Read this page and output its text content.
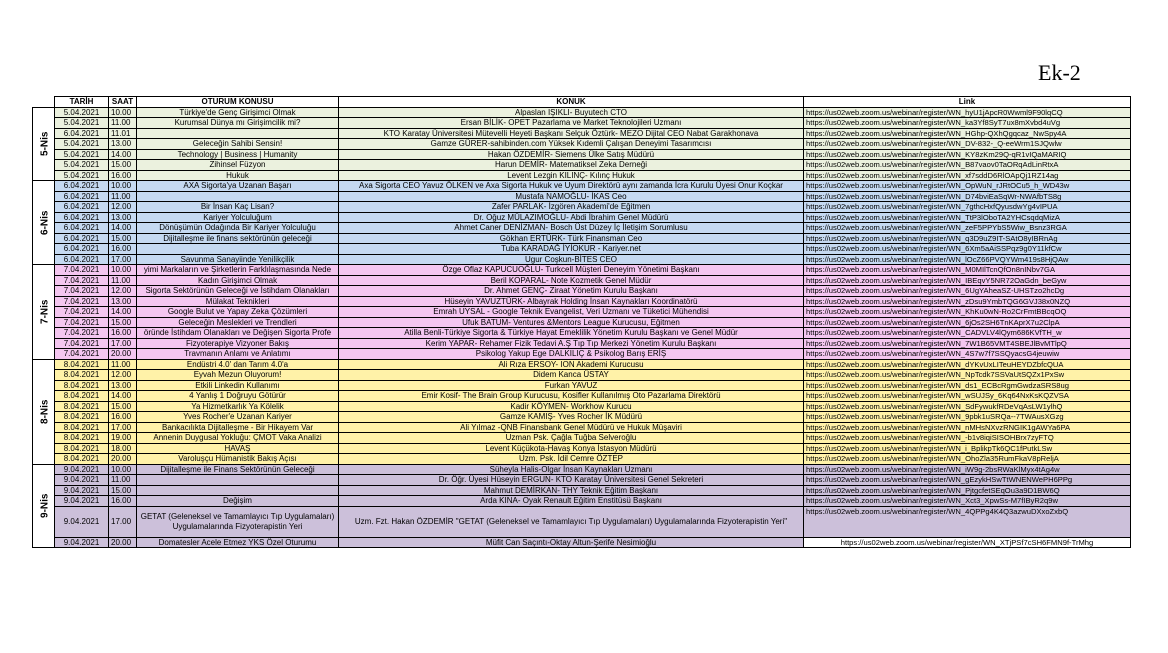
Ek-2
	TARİH	SAAT	OTURUM KONUSU	KONUK	Link
5-Nis	5.04.2021	10.00	Türkiye'de Genç Girişimci Olmak	Alpaslan IŞIKLI- Buyutech CTO	https://us02web.zoom.us/webinar/register/WN_hyU1jApcR0Wwml9F90lqCQ
	5.04.2021	11.00	Kurumsal Dünya mı Girişimcilik mi?	Ersan BİLİK- OPET Pazarlama ve Market Teknolojileri Uzmanı	https://us02web.zoom.us/webinar/register/WN_ka3Yf8SyT7ux8mXvbd4uVg
	6.04.2021	11.01		KTO Karatay Üniversitesi Mütevelli Heyeti Başkanı Selçuk Öztürk- MEZO Dijital CEO Nabat Garakhonava	https://us02web.zoom.us/webinar/register/WN_HGhp-QXhQgqcaz_NwSpy4A
	5.04.2021	13.00	Geleceğin Sahibi Sensin!	Gamze GÜRER-sahibinden.com Yüksek Kıdemli Çalışan Deneyimi Tasarımcısı	https://us02web.zoom.us/webinar/register/WN_DV-832-_Q-eeWrm1SJQwlw
	5.04.2021	14.00	Technology | Business | Humanity	Hakan ÖZDEMİR- Siemens Ülke Satış Müdürü	https://us02web.zoom.us/webinar/register/WN_KY8zKm29Q-qR1vIQaMARIQ
	5.04.2021	15.00	Zihinsel Füzyon	Harun DEMİR- Matematiksel Zeka Derneği	https://us02web.zoom.us/webinar/register/WN_B87vaov0TaORqAdLinRtxA
	5.04.2021	16.00	Hukuk	Levent Lezgin KILINÇ- Kılınç Hukuk	https://us02web.zoom.us/webinar/register/WN_xf7sddD6RlOApQj1RZ14ag
6-Nis	6.04.2021	10.00	AXA Sigorta'ya Uzanan Başarı	Axa Sigorta CEO Yavuz ÖLKEN ve Axa Sigorta Hukuk ve Uyum Direktörü aynı zamanda İcra Kurulu Üyesi Onur Koçkar	https://us02web.zoom.us/webinar/register/WN_OpWuN_rJRtOCu5_h_WD43w
	6.04.2021	11.00		Mustafa NAMOĞLU- İKAS Ceo	https://us02web.zoom.us/webinar/register/WN_D74bviEaSqWr-NWAfbTS8g
	6.04.2021	12.00	Bir İnsan Kaç Lisan?	Zafer PARLAK- İzgören Akademi'de Eğitmen	https://us02web.zoom.us/webinar/register/WN_7gthcHxfQyusdwYg4vIPUA
	6.04.2021	13.00	Kariyer Yolculuğum	Dr. Oğuz MÜLAZIMOĞLU- Abdi İbrahim Genel Müdürü	https://us02web.zoom.us/webinar/register/WN_TtP3lOboTA2YHCsqdqMizA
	6.04.2021	14.00	Dönüşümün Odağında Bir Kariyer Yolculuğu	Ahmet Caner DENİZMAN- Bosch Üst Düzey İç İletişim Sorumlusu	https://us02web.zoom.us/webinar/register/WN_zeF5PPYbS5Wiw_Bsnz3RGA
	6.04.2021	15.00	Dijitalleşme ile finans sektörünün geleceği	Gökhan ERTÜRK- Türk Finansman Ceo	https://us02web.zoom.us/webinar/register/WN_q3D9uZ9IT-SAtO8yIBRnAg
	6.04.2021	16.00		Tuba KARADAĞ İYİOKUR - Kariyer.net	https://us02web.zoom.us/webinar/register/WN_6Xm5aAiSSPqz9g0Y11kfCw
	6.04.2021	17.00	Savunma Sanayiinde Yenilikçilik	Ugur Coşkun-BİTES CEO	https://us02web.zoom.us/webinar/register/WN_lOcZ66PVQYWm419s8HjQAw
7-Nis	7.04.2021	10.00	yimi Markaların ve Şirketlerin Farklılaşmasında Nede	Özge Oflaz KAPUCUOĞLU- Turkcell Müşteri Deneyim Yönetimi Başkanı	https://us02web.zoom.us/webinar/register/WN_M0MIlTcnQfOn8nINbv7GA
	7.04.2021	11.00	Kadın Girişimci Olmak	Beril KOPARAL- Note Kozmetik Genel Müdür	https://us02web.zoom.us/webinar/register/WN_IBEqvY5NR72OaGdn_beGyw
	7.04.2021	12.00	Sigorta Sektörünün Geleceği ve İstihdam Olanakları	Dr. Ahmet GENÇ- Ziraat Yönetim Kurulu Başkanı	https://us02web.zoom.us/webinar/register/WN_6UgYAheaSZ-UHSTzo2hcDg
	7.04.2021	13.00	Mülakat Teknikleri	Hüseyin YAVUZTÜRK- Albayrak Holding İnsan Kaynakları Koordinatörü	https://us02web.zoom.us/webinar/register/WN_zDsu9YmbTQG6GVJ38x0NZQ
	7.04.2021	14.00	Google Bulut ve Yapay Zeka Çözümleri	Emrah UYSAL - Google Teknik Evangelist, Veri Uzmanı ve Tüketici Mühendisi	https://us02web.zoom.us/webinar/register/WN_KhKu0wN-Ro2CrFmtBBcqOQ
	7.04.2021	15.00	Geleceğin Meslekleri ve Trendleri	Ufuk BATUM- Ventures &Mentors League Kurucusu, Eğitmen	https://us02web.zoom.us/webinar/register/WN_6jOs2SH6TnKAprX7u2ClpA
	7.04.2021	16.00	öründe İstihdam Olanakları ve Değişen Sigorta Profe	Atilla Benli-Türkiye Sigorta & Türkiye Hayat Emeklilik Yönetim Kurulu Başkanı ve Genel Müdür	https://us02web.zoom.us/webinar/register/WN_CADVLV4lQym686KVfTH_w
	7.04.2021	17.00	Fizyoterapiye Vizyoner Bakış	Kerim YAPAR- Rehamer Fizik Tedavi A.Ş Tıp Tıp Merkezi Yönetim Kurulu Başkanı	https://us02web.zoom.us/webinar/register/WN_7W1B65VMT4SBEJlBvMTlpQ
	7.04.2021	20.00	Travmanın Anlamı ve Anlatımı	Psikolog Yakup Ege DALKILIÇ & Psikolog Barış ERİŞ	https://us02web.zoom.us/webinar/register/WN_4S7w7f7SSQyacsG4jeuwiw
8-Nis	8.04.2021	11.00	Endüstri 4.0' dan Tarım 4.0'a	Ali Rıza ERSOY- ION Akademi Kurucusu	https://us02web.zoom.us/webinar/register/WN_dYKvUxLITeuHEYDZbfcQUA
	8.04.2021	12.00	Eyvah Mezun Oluyorum!	Didem Kanca ÜSTAY	https://us02web.zoom.us/webinar/register/WN_NpTcdk7SSVaUtSQZx1PxSw
	8.04.2021	13.00	Etkili Linkedin Kullanımı	Furkan YAVUZ	https://us02web.zoom.us/webinar/register/WN_ds1_ECBcRgmGwdzaSRS8ug
	8.04.2021	14.00	4 Yanlış 1 Doğruyu Götürür	Emir Kosif- The Brain Group Kurucusu, Kosifler Kullanılmış Oto Pazarlama Direktörü	https://us02web.zoom.us/webinar/register/WN_wSUJSy_6Kq64NxKsKQZVSA
	8.04.2021	15.00	Ya Hizmetkarlık Ya Kölelik	Kadir KÖYMEN- Workhow Kurucu	https://us02web.zoom.us/webinar/register/WN_SdFywukfRDeVqAsLW1ylhQ
	8.04.2021	16.00	Yves Rocher'e Uzanan Kariyer	Gamze KAMIŞ- Yves Rocher İK Müdürü	https://us02web.zoom.us/webinar/register/WN_9pbk1uSRQa--7TWAusXGzg
	8.04.2021	17.00	Bankacılıkta Dijitalleşme - Bir Hikayem Var	Ali Yılmaz -QNB Finansbank Genel Müdürü ve Hukuk Müşaviri	https://us02web.zoom.us/webinar/register/WN_nMHsNXvzRNGIK1gAWYa6PA
	8.04.2021	19.00	Annenin Duygusal Yokluğu: ÇMOT Vaka Analizi	Uzman Psk. Çağla Tuğba Selveroğlu	https://us02web.zoom.us/webinar/register/WN_-b1v8iqiSISOHBrx7zyFTQ
	8.04.2021	18.00	HAVAŞ	Levent Küçükota-Havaş Konya İstasyon Müdürü	https://us02web.zoom.us/webinar/register/WN_i_BplikpTk6QC1fPutkLSw
	8.04.2021	20.00	Varoluşçu Hümanistik Bakış Açısı	Uzm. Psk. İdil Cemre ÖZTEP	https://us02web.zoom.us/webinar/register/WN_OhoZla35RumFkaV8pReljA
9-Nis	9.04.2021	10.00	Dijitalleşme ile Finans Sektörünün Geleceği	Süheyla Halis-Olgar İnsan Kaynakları Uzmanı	https://us02web.zoom.us/webinar/register/WN_iW9g-2bsRWaKlMyx4tAg4w
	9.04.2021	11.00		Dr. Öğr. Üyesi Hüseyin ERGUN- KTO Karatay Üniversitesi Genel Sekreteri	https://us02web.zoom.us/webinar/register/WN_gEzykHSwTtWNENWePH6PPg
	9.04.2021	15.00		Mahmut DEMİRKAN- THY Teknik Eğitim Başkanı	https://us02web.zoom.us/webinar/register/WN_PjtgcfetSEqOu3a9D1BW6Q
	9.04.2021	16.00	Değişim	Arda KINA- Oyak Renault Eğitim Enstitüsü Başkanı	https://us02web.zoom.us/webinar/register/WN_Xct3_XpwSs-M7fIByR2q9w
	9.04.2021	17.00	GETAT (Geleneksel ve Tamamlayıcı Tıp Uygulamaları) Uygulamalarında Fizyoterapistin Yeri	Uzm. Fzt. Hakan ÖZDEMİR "GETAT (Geleneksel ve Tamamlayıcı Tıp Uygulamaları) Uygulamalarında Fizyoterapistin Yeri"	https://us02web.zoom.us/webinar/register/WN_4QPPg4K4Q3azwuDXxoZxbQ
	9.04.2021	20.00	Domatesler Acele Etmez YKS Özel Oturumu	Müfit Can Saçıntı-Oktay Altun-Şerife Nesimioğlu	https://us02web.zoom.us/webinar/register/WN_XTjPSf7cSH6FMN9f-TrMhg
